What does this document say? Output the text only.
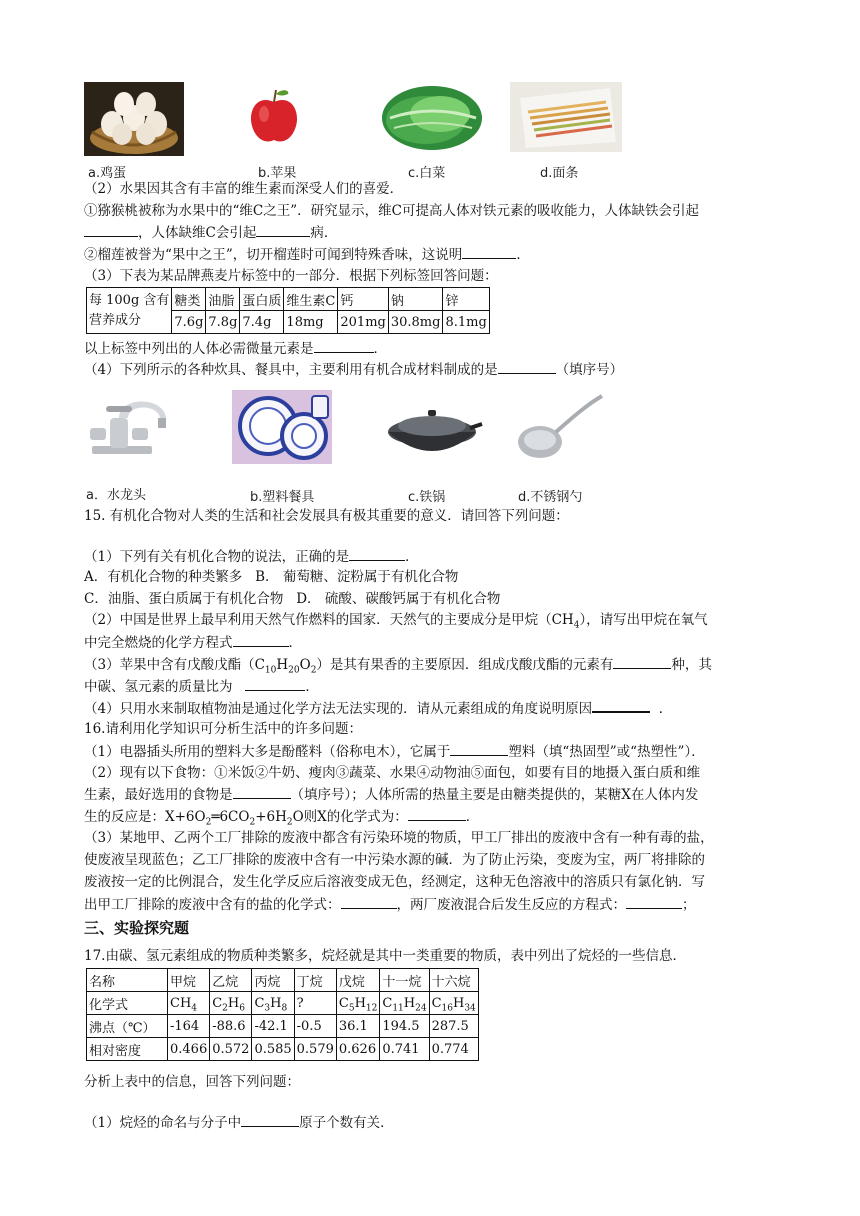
a.鸡蛋	b.苹果	c.白菜	d.面条
（2）水果因其含有丰富的维生素而深受人们的喜爱．
①猕猴桃被称为水果中的“维C之王”．研究显示，维C可提高人体对铁元素的吸收能力，人体缺铁会引起
，人体缺维C会引起	病．
②榴莲被誉为“果中之王”，切开榴莲时可闻到特殊香味，这说明	．
（3）下表为某品牌燕麦片标签中的一部分．根据下列标签回答问题：
每 100g 含有
营养成分	糖类	油脂	蛋白质	维生素C	钙	钠	锌
	7.6g	7.8g	7.4g	18mg	201mg	30.8mg	8.1mg
以上标签中列出的人体必需微量元素是	．
（4）下列所示的各种炊具、餐具中，主要利用有机合成材料制成的是	（填序号）
a．水龙头	b.塑料餐具	c.铁锅	d.不锈钢勺
15. 有机化合物对人类的生活和社会发展具有极其重要的意义．请回答下列问题：
（1）下列有关有机化合物的说法，正确的是	．
A．有机化合物的种类繁多 B． 葡萄糖、淀粉属于有机化合物
C．油脂、蛋白质属于有机化合物 D． 硫酸、碳酸钙属于有机化合物
（2）中国是世界上最早利用天然气作燃料的国家．天然气的主要成分是甲烷$(CH_4)$，请写出甲烷在氧气
中完全燃烧的化学方程式	．
（3）苹果中含有戊酸戊酯$(C_{10}H_{20}O_2)$是其有果香的主要原因．组成戊酸戊酯的元素有	种，其
中碳、氢元素的质量比为	．
（4）只用水来制取植物油是通过化学方法无法实现的．请从元素组成的角度说明原因	．
16.请利用化学知识可分析生活中的许多问题：
（1）电器插头所用的塑料大多是酚醛料（俗称电木），它属于	塑料（填“热固型”或“热塑性”）．
（2）现有以下食物：①米饭②牛奶、瘦肉③蔬菜、水果④动物油⑤面包，如要有目的地摄入蛋白质和维
生素，最好选用的食物是	（填序号）；人体所需的热量主要是由糖类提供的，某糖X在人体内发
生的反应是：$X+6O_2═6CO_2+6H_2O$则X的化学式为：	．
（3）某地甲、乙两个工厂排除的废液中都含有污染环境的物质，甲工厂排出的废液中含有一种有毒的盐，
使废液呈现蓝色；乙工厂排除的废液中含有一中污染水源的碱．为了防止污染，变废为宝，两厂将排除的
废液按一定的比例混合，发生化学反应后溶液变成无色，经测定，这种无色溶液中的溶质只有氯化钠．写
出甲工厂排除的废液中含有的盐的化学式：	，两厂废液混合后发生反应的方程式：	；
三、实验探究题
17.由碳、氢元素组成的物质种类繁多，烷烃就是其中一类重要的物质，表中列出了烷烃的一些信息．
名称	甲烷	乙烷	丙烷	丁烷	戊烷	十一烷	十六烷
化学式	$CH_4$	$C_2H_6$	$C_3H_8$	?	$C_5H_{12}$	$C_{11}H_{24}$	$C_{16}H_{34}$
沸点（℃）	-164	-88.6	-42.1	-0.5	36.1	194.5	287.5
相对密度	0.466	0.572	0.585	0.579	0.626	0.741	0.774
分析上表中的信息，回答下列问题：
（1）烷烃的命名与分子中	原子个数有关．
